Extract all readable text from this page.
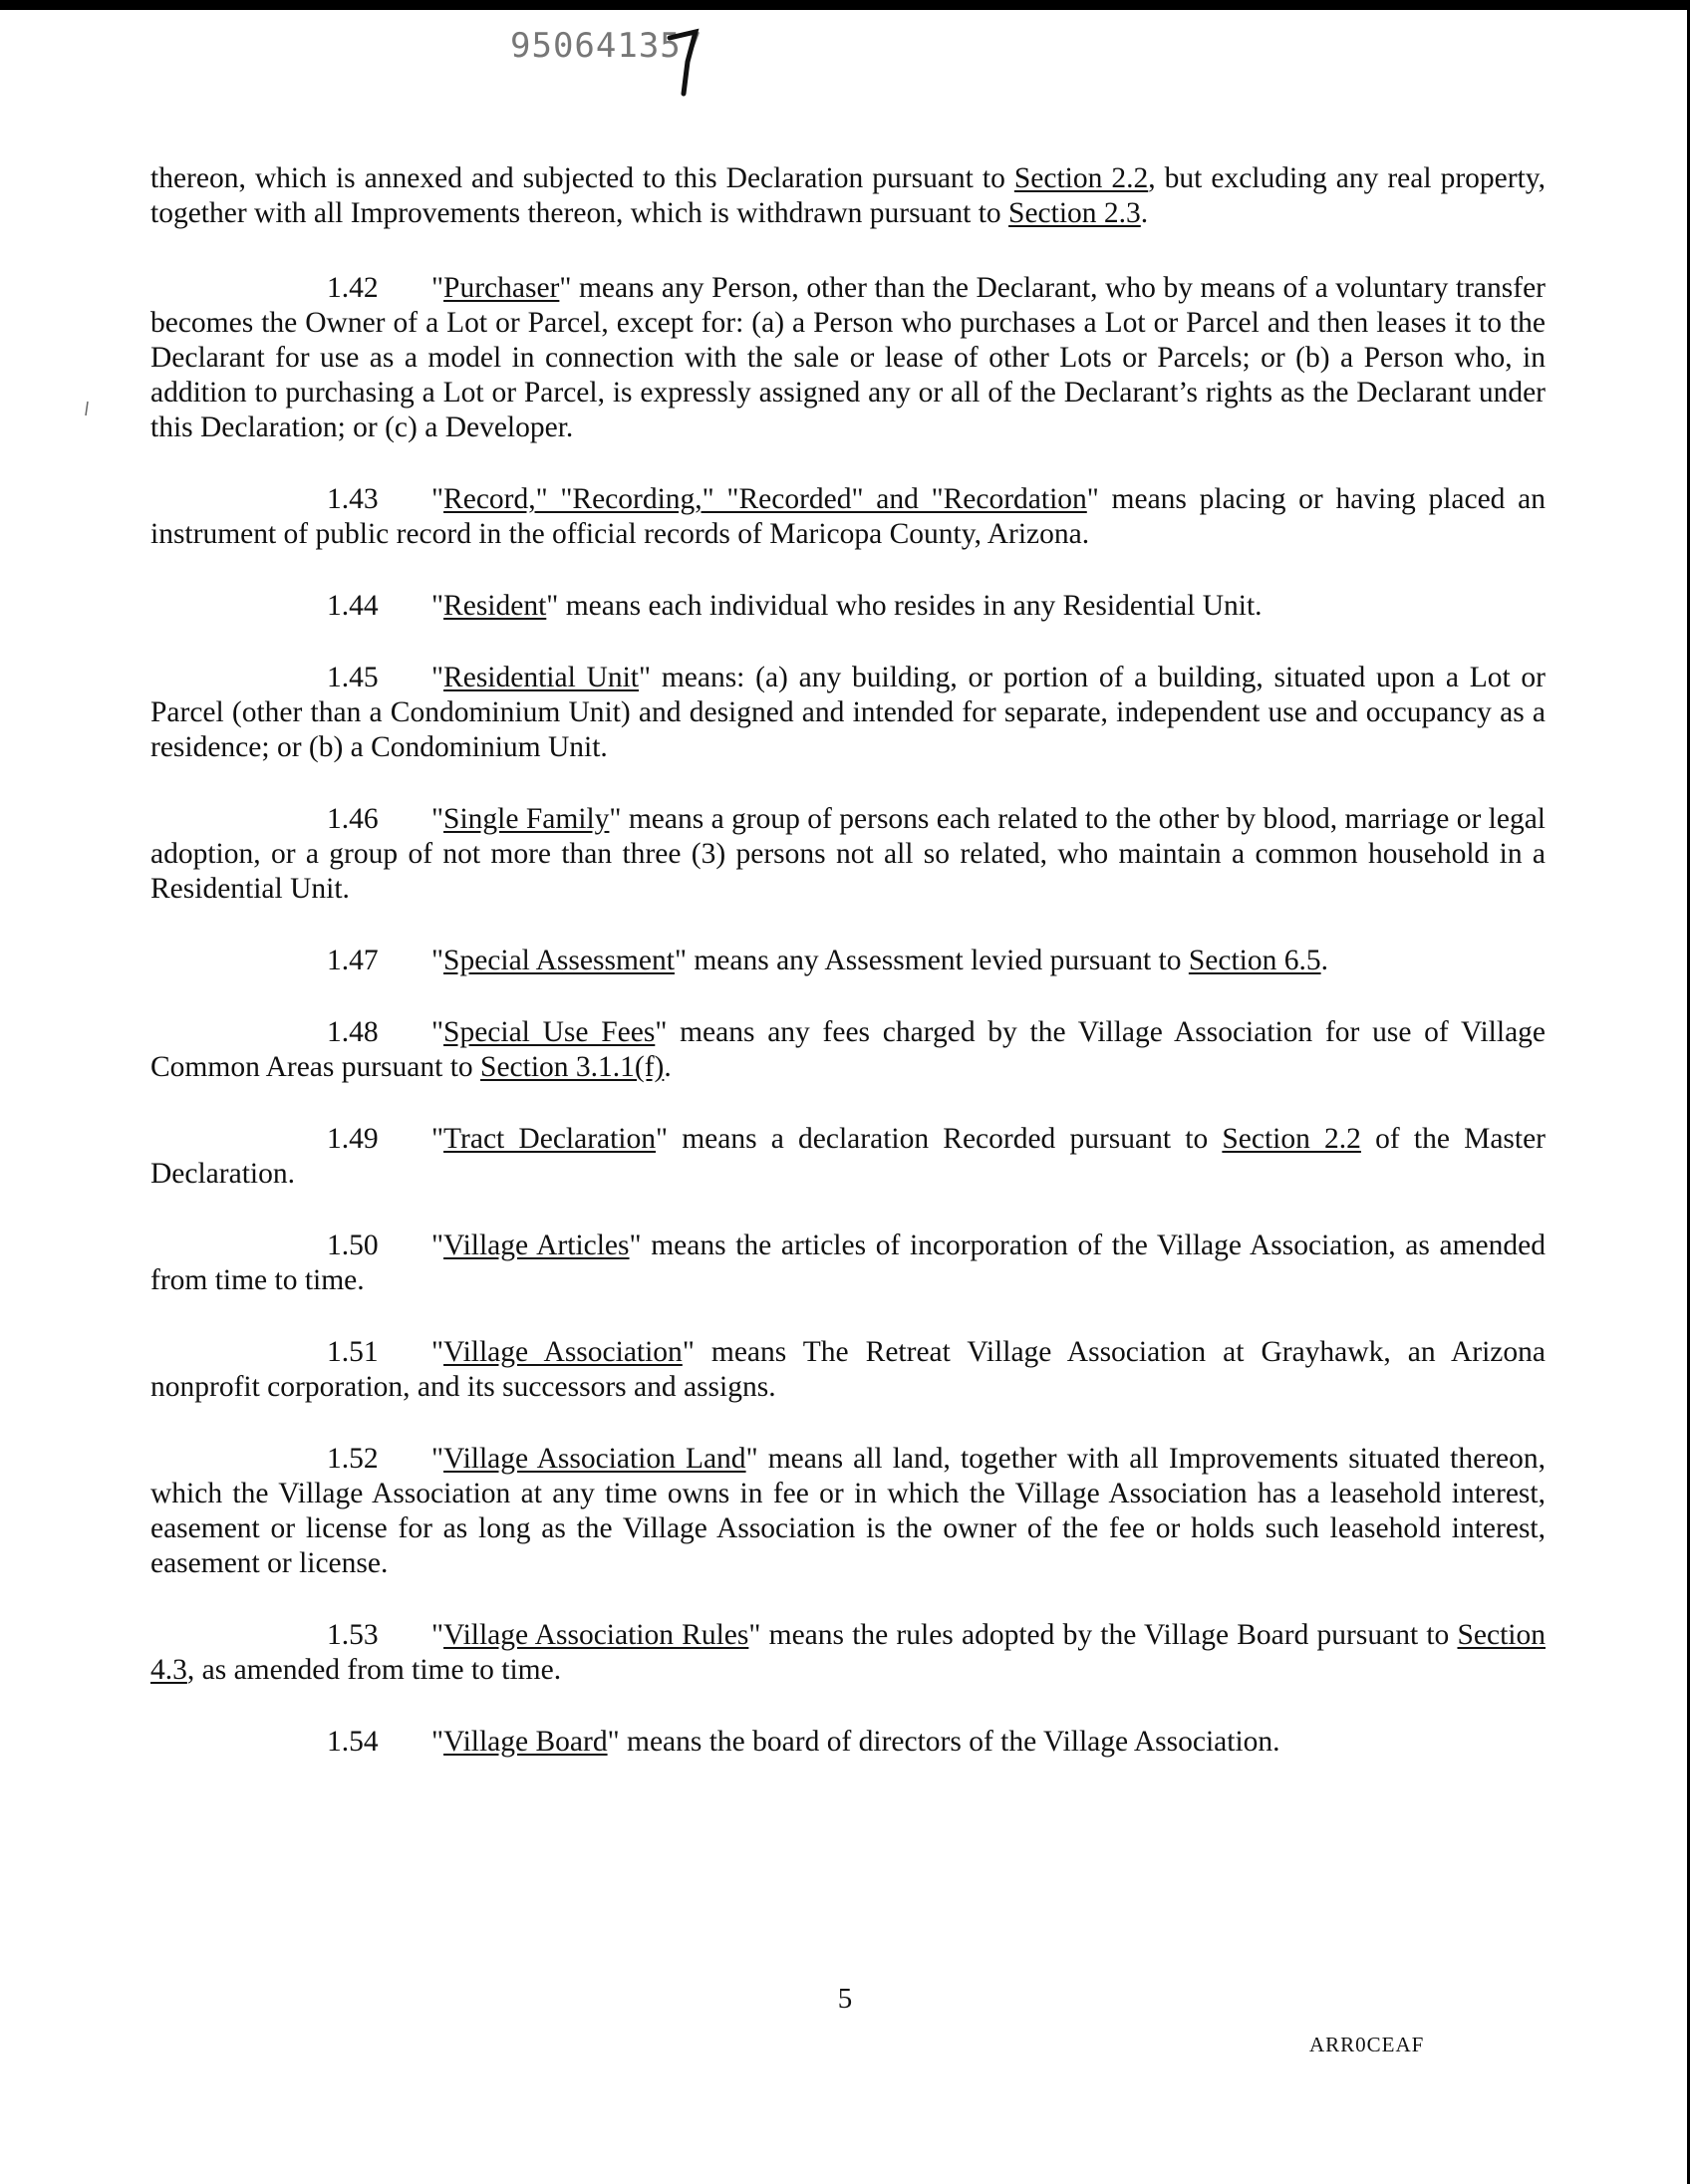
950641357

thereon, which is annexed and subjected to this Declaration pursuant to Section 2.2, but excluding any real property, together with all Improvements thereon, which is withdrawn pursuant to Section 2.3.

1.42 "Purchaser" means any Person, other than the Declarant, who by means of a voluntary transfer becomes the Owner of a Lot or Parcel, except for: (a) a Person who purchases a Lot or Parcel and then leases it to the Declarant for use as a model in connection with the sale or lease of other Lots or Parcels; or (b) a Person who, in addition to purchasing a Lot or Parcel, is expressly assigned any or all of the Declarant’s rights as the Declarant under this Declaration; or (c) a Developer.

1.43 "Record," "Recording," "Recorded" and "Recordation" means placing or having placed an instrument of public record in the official records of Maricopa County, Arizona.

1.44 "Resident" means each individual who resides in any Residential Unit.

1.45 "Residential Unit" means: (a) any building, or portion of a building, situated upon a Lot or Parcel (other than a Condominium Unit) and designed and intended for separate, independent use and occupancy as a residence; or (b) a Condominium Unit.

1.46 "Single Family" means a group of persons each related to the other by blood, marriage or legal adoption, or a group of not more than three (3) persons not all so related, who maintain a common household in a Residential Unit.

1.47 "Special Assessment" means any Assessment levied pursuant to Section 6.5.

1.48 "Special Use Fees" means any fees charged by the Village Association for use of Village Common Areas pursuant to Section 3.1.1(f).

1.49 "Tract Declaration" means a declaration Recorded pursuant to Section 2.2 of the Master Declaration.

1.50 "Village Articles" means the articles of incorporation of the Village Association, as amended from time to time.

1.51 "Village Association" means The Retreat Village Association at Grayhawk, an Arizona nonprofit corporation, and its successors and assigns.

1.52 "Village Association Land" means all land, together with all Improvements situated thereon, which the Village Association at any time owns in fee or in which the Village Association has a leasehold interest, easement or license for as long as the Village Association is the owner of the fee or holds such leasehold interest, easement or license.

1.53 "Village Association Rules" means the rules adopted by the Village Board pursuant to Section 4.3, as amended from time to time.

1.54 "Village Board" means the board of directors of the Village Association.

5
ARR0CEAF
